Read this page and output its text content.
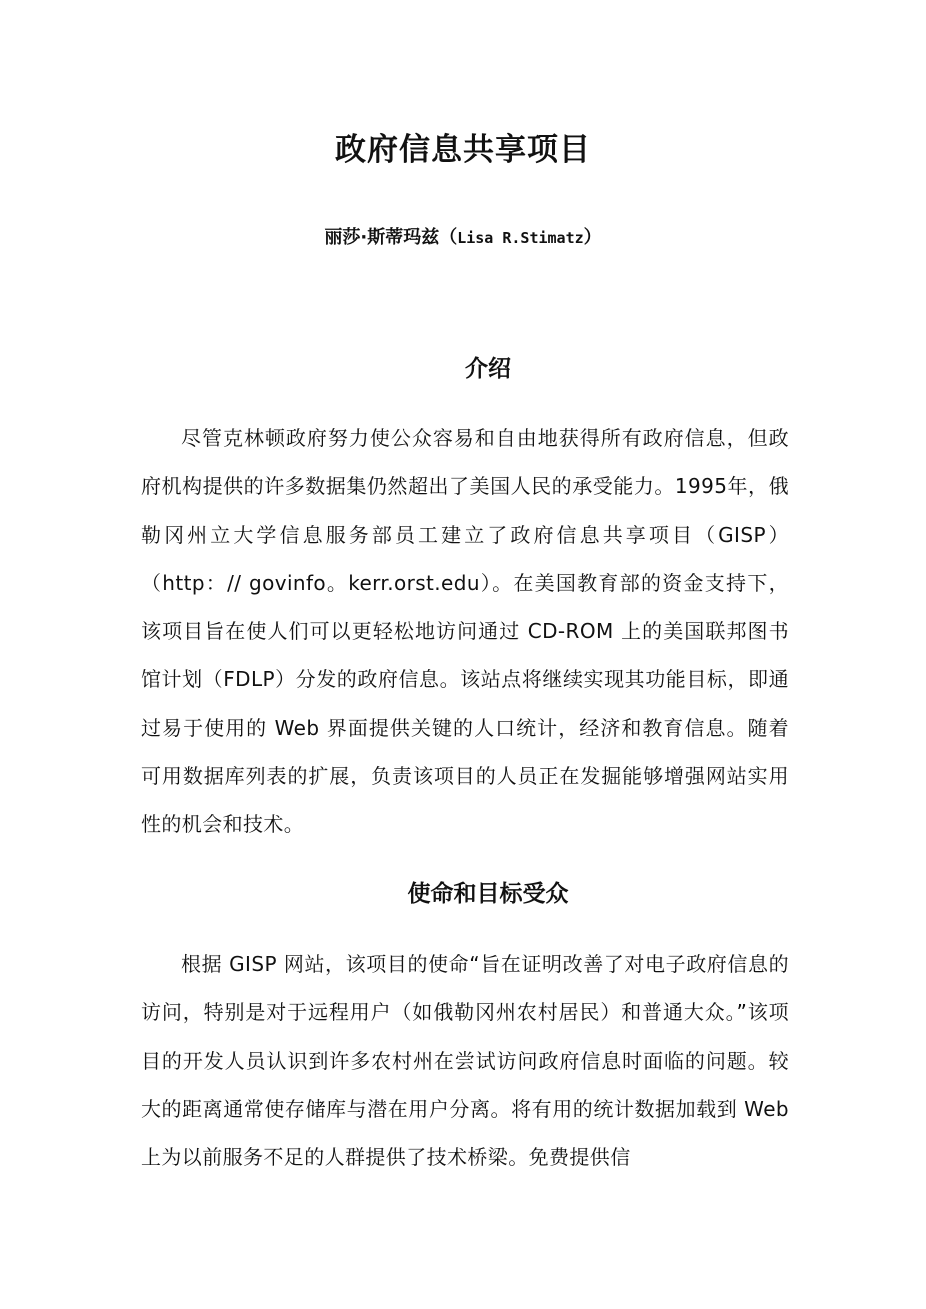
政府信息共享项目
丽莎·斯蒂玛兹（Lisa R.Stimatz）
介绍

尽管克林顿政府努力使公众容易和自由地获得所有政府信息，但政府机构提供的许多数据集仍然超出了美国人民的承受能力。1995年，俄勒冈州立大学信息服务部员工建立了政府信息共享项目（GISP）（http：// govinfo。kerr.orst.edu）。在美国教育部的资金支持下，该项目旨在使人们可以更轻松地访问通过 CD-ROM 上的美国联邦图书馆计划（FDLP）分发的政府信息。该站点将继续实现其功能目标，即通过易于使用的 Web 界面提供关键的人口统计，经济和教育信息。随着可用数据库列表的扩展，负责该项目的人员正在发掘能够增强网站实用性的机会和技术。

使命和目标受众

根据 GISP 网站，该项目的使命“旨在证明改善了对电子政府信息的访问，特别是对于远程用户（如俄勒冈州农村居民）和普通大众。”该项目的开发人员认识到许多农村州在尝试访问政府信息时面临的问题。较大的距离通常使存储库与潜在用户分离。将有用的统计数据加载到 Web 上为以前服务不足的人群提供了技术桥梁。免费提供信
